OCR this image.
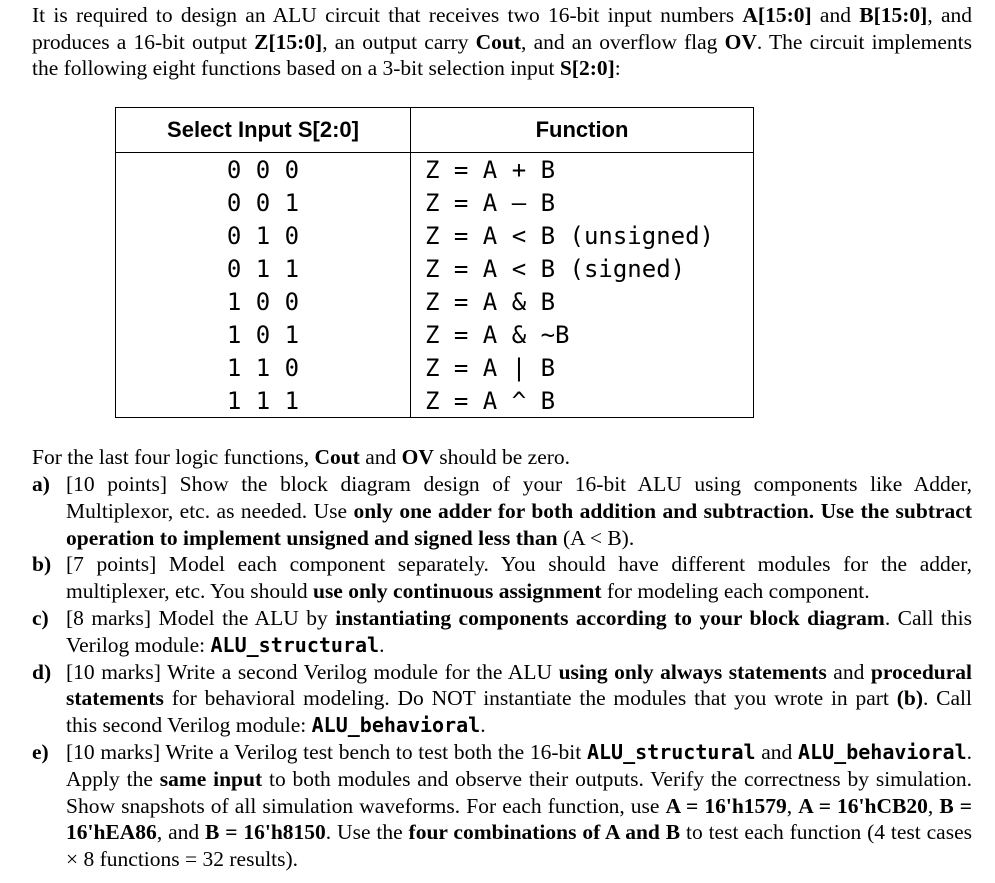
It is required to design an ALU circuit that receives two 16-bit input numbers A[15:0] and B[15:0], and produces a 16-bit output Z[15:0], an output carry Cout, and an overflow flag OV. The circuit implements the following eight functions based on a 3-bit selection input S[2:0]:
Select Input S[2:0]	Function
0 0 0	Z = A + B
0 0 1	Z = A – B
0 1 0	Z = A < B (unsigned)
0 1 1	Z = A < B (signed)
1 0 0	Z = A & B
1 0 1	Z = A & ~B
1 1 0	Z = A | B
1 1 1	Z = A ^ B
For the last four logic functions, Cout and OV should be zero.
a) [10 points] Show the block diagram design of your 16-bit ALU using components like Adder, Multiplexor, etc. as needed. Use only one adder for both addition and subtraction. Use the subtract operation to implement unsigned and signed less than (A < B).
b) [7 points] Model each component separately. You should have different modules for the adder, multiplexer, etc. You should use only continuous assignment for modeling each component.
c) [8 marks] Model the ALU by instantiating components according to your block diagram. Call this Verilog module: ALU_structural.
d) [10 marks] Write a second Verilog module for the ALU using only always statements and procedural statements for behavioral modeling. Do NOT instantiate the modules that you wrote in part (b). Call this second Verilog module: ALU_behavioral.
e) [10 marks] Write a Verilog test bench to test both the 16-bit ALU_structural and ALU_behavioral. Apply the same input to both modules and observe their outputs. Verify the correctness by simulation. Show snapshots of all simulation waveforms. For each function, use A = 16'h1579, A = 16'hCB20, B = 16'hEA86, and B = 16'h8150. Use the four combinations of A and B to test each function (4 test cases × 8 functions = 32 results).
